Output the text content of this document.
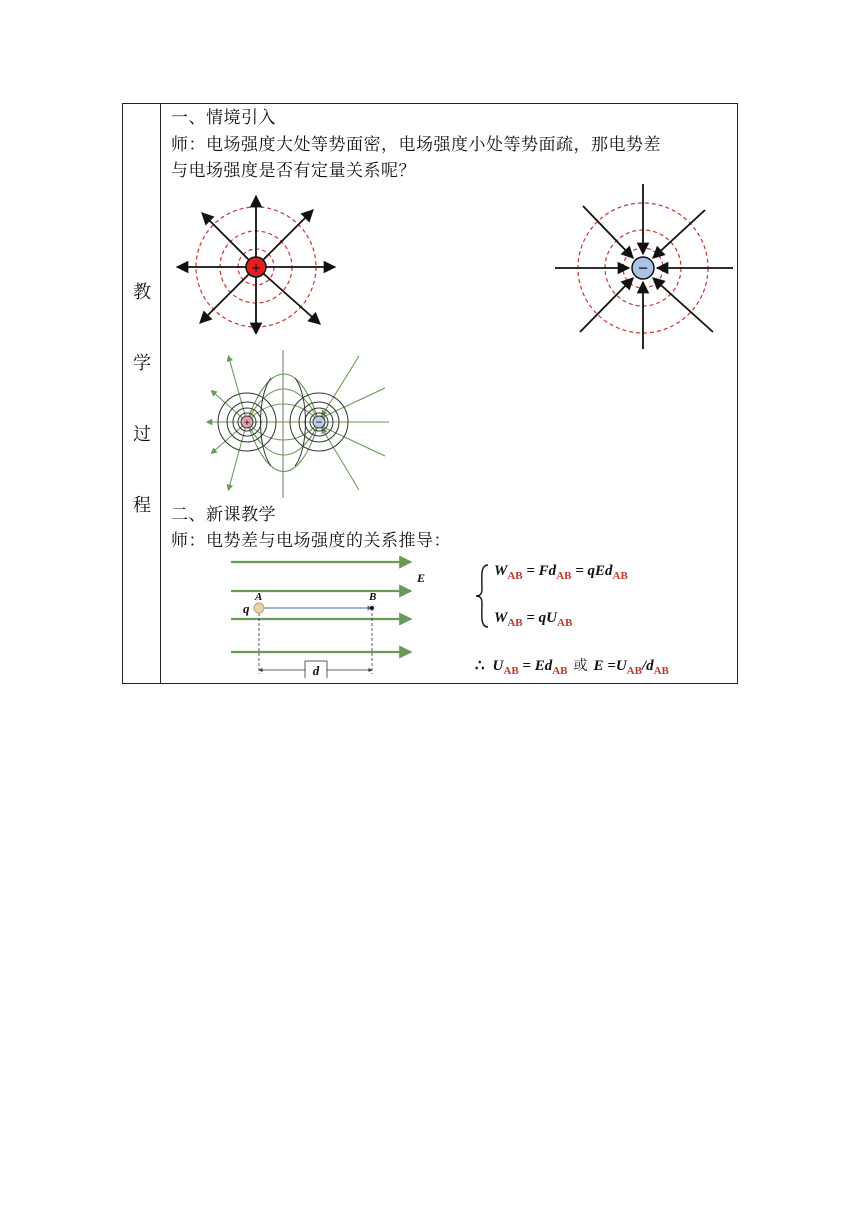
教
学
过
程
一、情境引入
师：电场强度大处等势面密，电场强度小处等势面疏，那电势差
与电场强度是否有定量关系呢？
+	−
+	−
二、新课教学
师：电势差与电场强度的关系推导：
E
d
q
A	B
$W_{AB} = Fd_{AB} = qEd_{AB}$
$W_{AB} = qU_{AB}$
∴ $U_{AB} = Ed_{AB}$ 或 $E =U_{AB}/d_{AB}$
